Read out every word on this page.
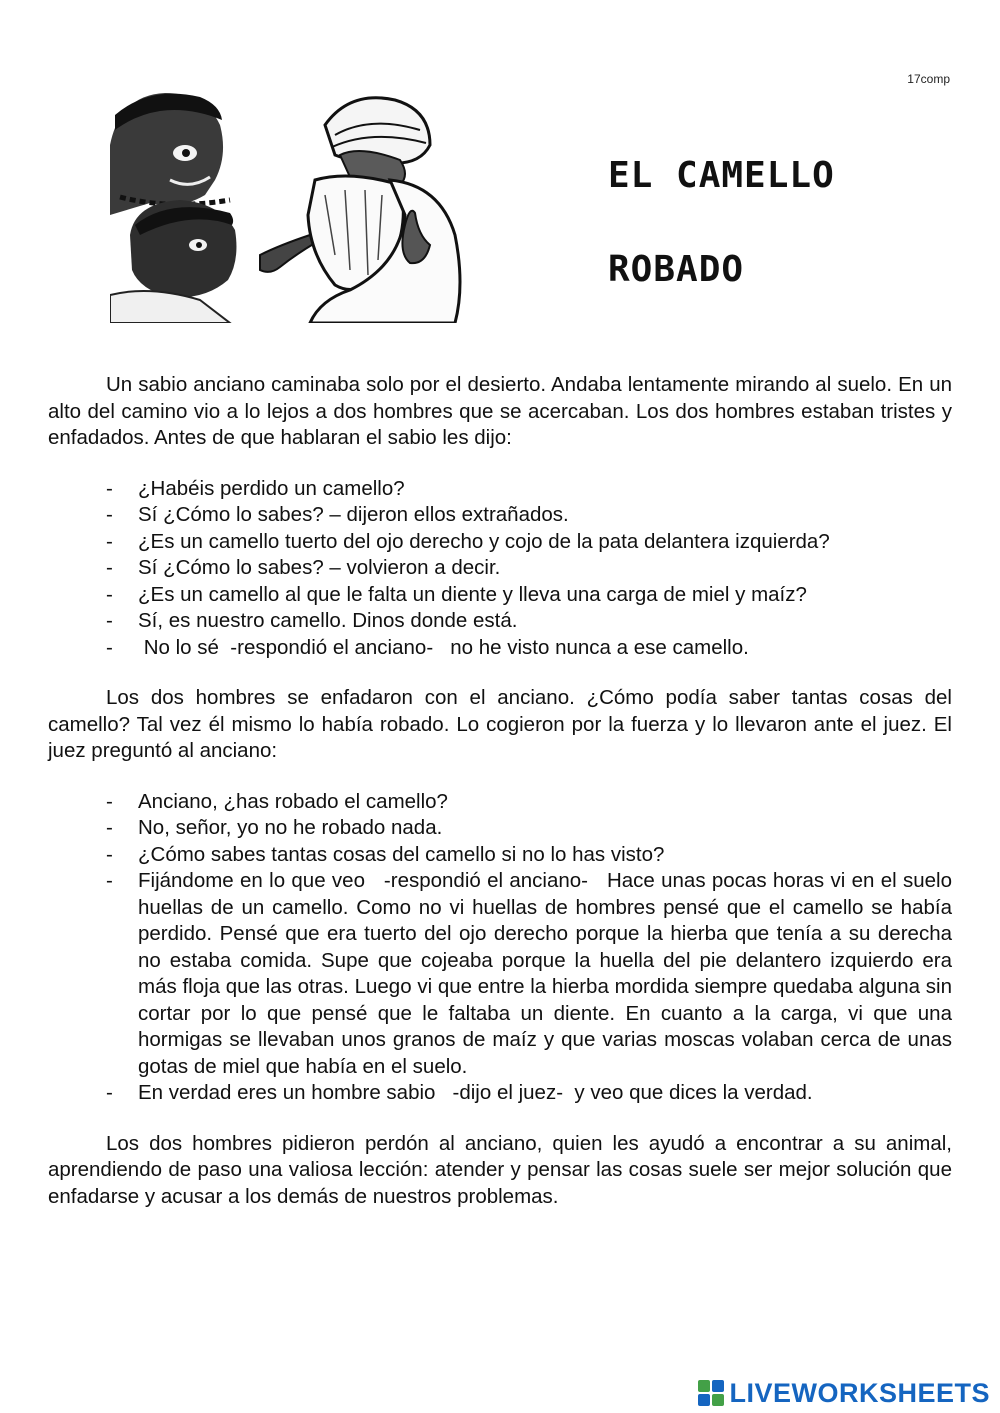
17comp
EL CAMELLO
ROBADO

Un sabio anciano caminaba solo por el desierto. Andaba lentamente mirando al suelo. En un alto del camino vio a lo lejos a dos hombres que se acercaban. Los dos hombres estaban tristes y enfadados. Antes de que hablaran el sabio les dijo:

- ¿Habéis perdido un camello?
- Sí ¿Cómo lo sabes? – dijeron ellos extrañados.
- ¿Es un camello tuerto del ojo derecho y cojo de la pata delantera izquierda?
- Sí ¿Cómo lo sabes? – volvieron a decir.
- ¿Es un camello al que le falta un diente y lleva una carga de miel y maíz?
- Sí, es nuestro camello. Dinos donde está.
- No lo sé  -respondió el anciano-   no he visto nunca a ese camello.

Los dos hombres se enfadaron con el anciano. ¿Cómo podía saber tantas cosas del camello? Tal vez él mismo lo había robado. Lo cogieron por la fuerza y lo llevaron ante el juez. El juez preguntó al anciano:

- Anciano, ¿has robado el camello?
- No, señor, yo no he robado nada.
- ¿Cómo sabes tantas cosas del camello si no lo has visto?
- Fijándome en lo que veo   -respondió el anciano-   Hace unas pocas horas vi en el suelo huellas de un camello. Como no vi huellas de hombres pensé que el camello se había perdido. Pensé que era tuerto del ojo derecho porque la hierba que tenía a su derecha no estaba comida. Supe que cojeaba porque la huella del pie delantero izquierdo era más floja que las otras. Luego vi que entre la hierba mordida siempre quedaba alguna sin cortar por lo que pensé que le faltaba un diente. En cuanto a la carga, vi que una hormigas se llevaban unos granos de maíz y que varias moscas volaban cerca de unas gotas de miel que había en el suelo.
- En verdad eres un hombre sabio   -dijo el juez-  y veo que dices la verdad.

Los dos hombres pidieron perdón al anciano, quien les ayudó a encontrar a su animal, aprendiendo de paso una valiosa lección: atender y pensar las cosas suele ser mejor solución que enfadarse y acusar a los demás de nuestros problemas.

LIVEWORKSHEETS
